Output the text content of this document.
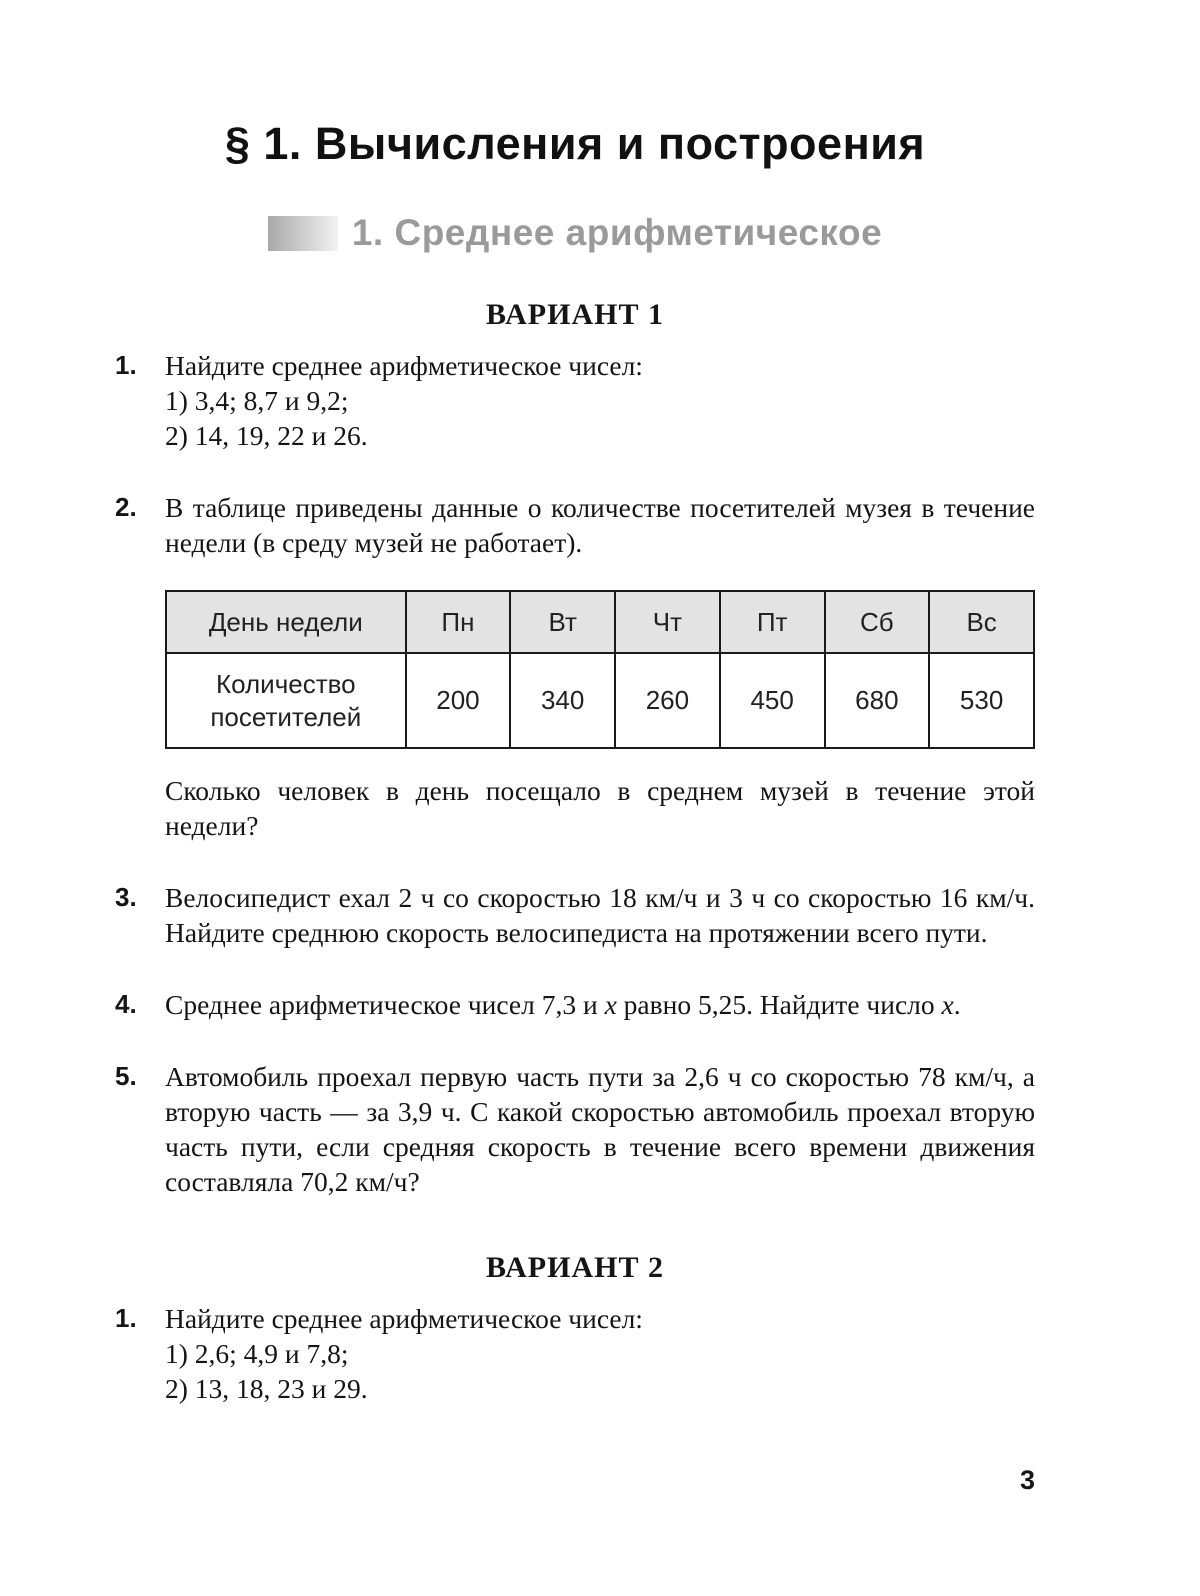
§ 1. Вычисления и построения
1. Среднее арифметическое
ВАРИАНТ 1
1.	Найдите среднее арифметическое чисел:
1) 3,4; 8,7 и 9,2;
2) 14, 19, 22 и 26.
2.	В таблице приведены данные о количестве посетителей музея в течение недели (в среду музей не работает).
День недели	Пн	Вт	Чт	Пт	Сб	Вс
Количество посетителей	200	340	260	450	680	530
Сколько человек в день посещало в среднем музей в течение этой недели?
3.	Велосипедист ехал 2 ч со скоростью 18 км/ч и 3 ч со скоростью 16 км/ч. Найдите среднюю скорость велосипедиста на протяжении всего пути.
4.	Среднее арифметическое чисел 7,3 и x равно 5,25. Найдите число x.
5.	Автомобиль проехал первую часть пути за 2,6 ч со скоростью 78 км/ч, а вторую часть — за 3,9 ч. С какой скоростью автомобиль проехал вторую часть пути, если средняя скорость в течение всего времени движения составляла 70,2 км/ч?
ВАРИАНТ 2
1.	Найдите среднее арифметическое чисел:
1) 2,6; 4,9 и 7,8;
2) 13, 18, 23 и 29.
3
